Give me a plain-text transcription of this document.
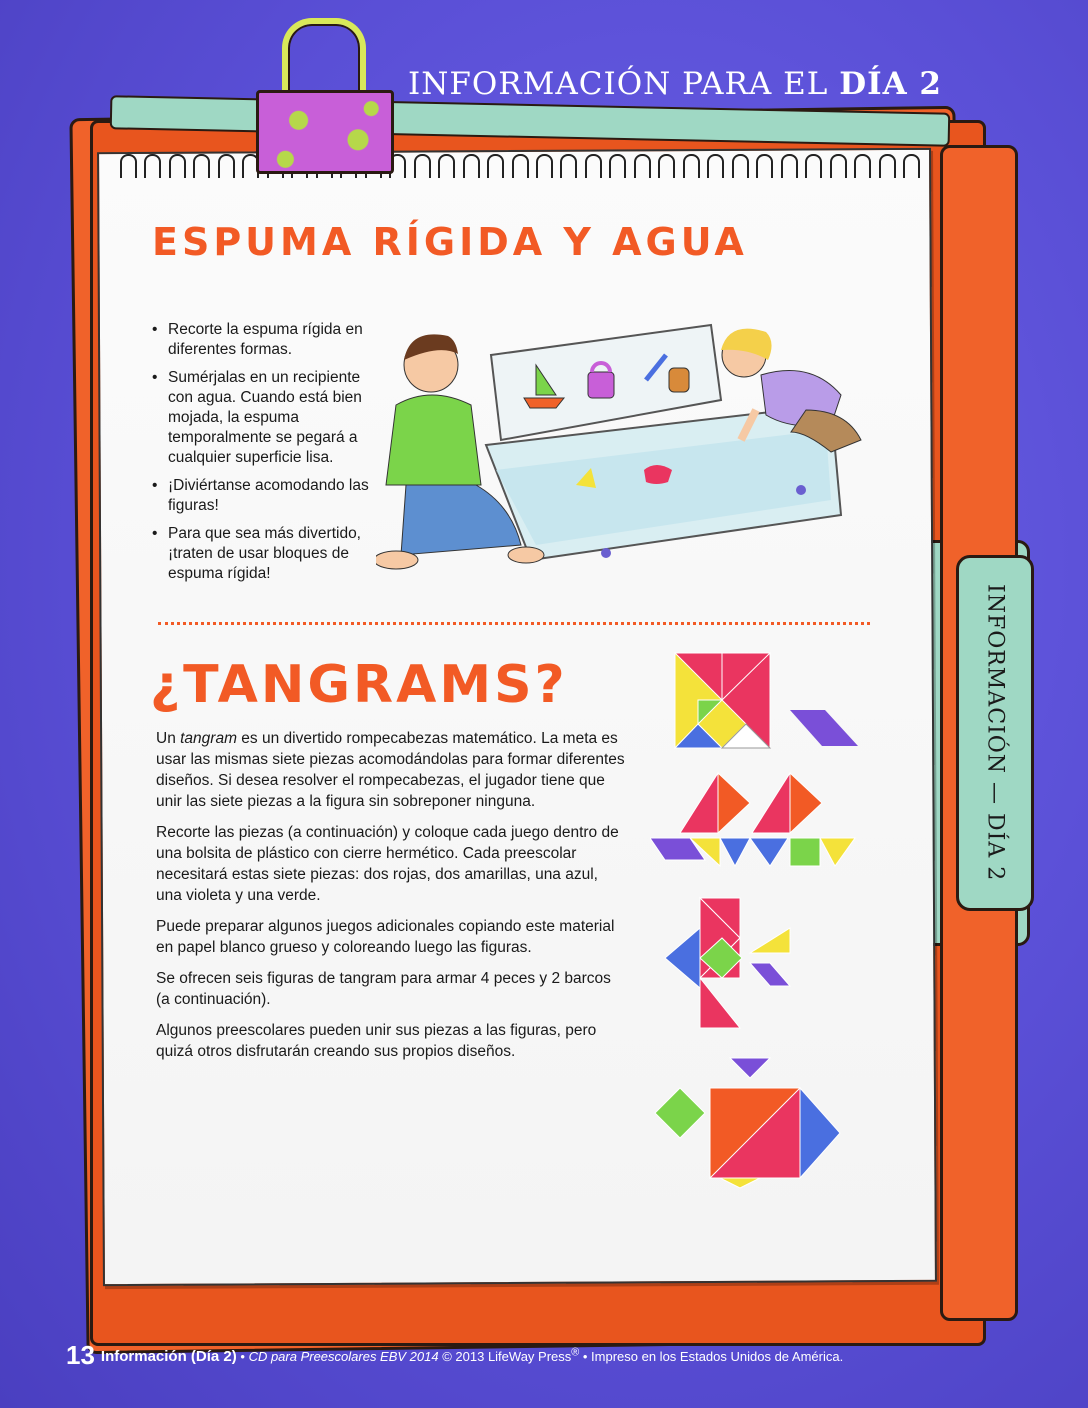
INFORMACIÓN PARA EL DÍA 2
INFORMACIÓN — DÍA 2
ESPUMA RÍGIDA Y AGUA
• Recorte la espuma rígida en diferentes formas.
• Sumérjalas en un recipiente con agua. Cuando está bien mojada, la espuma temporalmente se pegará a cualquier superficie lisa.
• ¡Diviértanse acomodando las figuras!
• Para que sea más divertido, ¡traten de usar bloques de espuma rígida!
¿TANGRAMS?

Un tangram es un divertido rompecabezas matemático. La meta es usar las mismas siete piezas acomodándolas para formar diferentes diseños. Si desea resolver el rompecabezas, el jugador tiene que unir las siete piezas a la figura sin sobreponer ninguna.

Recorte las piezas (a continuación) y coloque cada juego dentro de una bolsita de plástico con cierre hermético. Cada preescolar necesitará estas siete piezas: dos rojas, dos amarillas, una azul, una violeta y una verde.

Puede preparar algunos juegos adicionales copiando este material en papel blanco grueso y coloreando luego las figuras.

Se ofrecen seis figuras de tangram para armar 4 peces y 2 barcos (a continuación).

Algunos preescolares pueden unir sus piezas a las figuras, pero quizá otros disfrutarán creando sus propios diseños.

13 Información (Día 2) • CD para Preescolares EBV 2014 © 2013 LifeWay Press® • Impreso en los Estados Unidos de América.
